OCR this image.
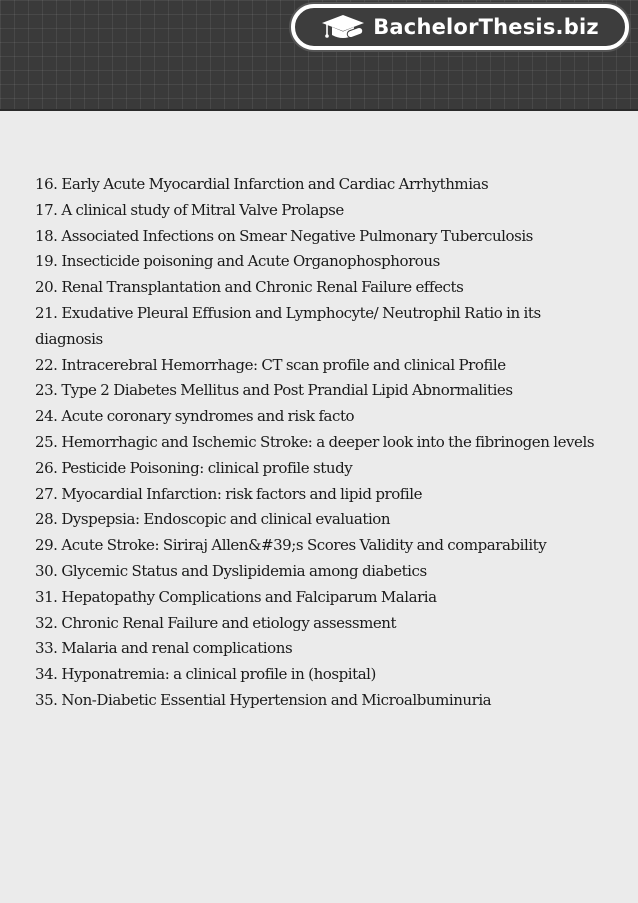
BachelorThesis.biz
16. Early Acute Myocardial Infarction and Cardiac Arrhythmias
17. A clinical study of Mitral Valve Prolapse
18. Associated Infections on Smear Negative Pulmonary Tuberculosis
19. Insecticide poisoning and Acute Organophosphorous
20. Renal Transplantation and Chronic Renal Failure effects
21. Exudative Pleural Effusion and Lymphocyte/ Neutrophil Ratio in its diagnosis
22. Intracerebral Hemorrhage: CT scan profile and clinical Profile
23. Type 2 Diabetes Mellitus and Post Prandial Lipid Abnormalities
24. Acute coronary syndromes and risk facto
25. Hemorrhagic and Ischemic Stroke: a deeper look into the fibrinogen levels
26. Pesticide Poisoning: clinical profile study
27. Myocardial Infarction: risk factors and lipid profile
28. Dyspepsia: Endoscopic and clinical evaluation
29. Acute Stroke: Siriraj Allen&#39;s Scores Validity and comparability
30. Glycemic Status and Dyslipidemia among diabetics
31. Hepatopathy Complications and Falciparum Malaria
32. Chronic Renal Failure and etiology assessment
33. Malaria and renal complications
34. Hyponatremia: a clinical profile in (hospital)
35. Non-Diabetic Essential Hypertension and Microalbuminuria
